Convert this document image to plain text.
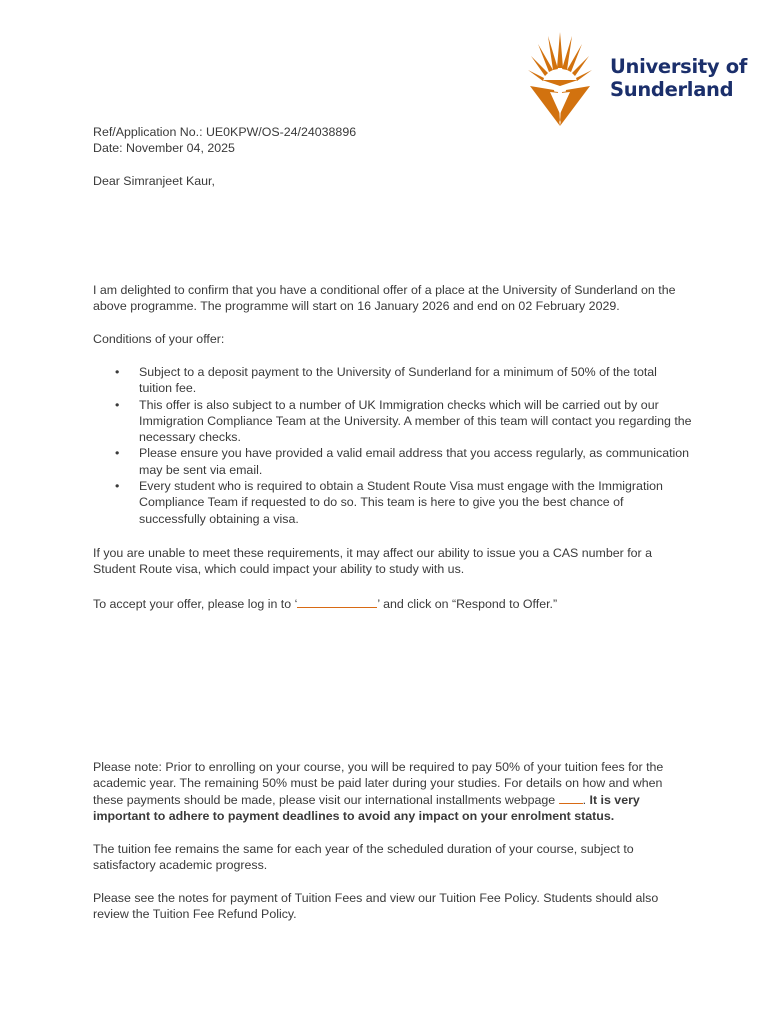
University of
Sunderland
Ref/Application No.: UE0KPW/OS-24/24038896
Date: November 04, 2025

Dear Simranjeet Kaur,

I am delighted to confirm that you have a conditional offer of a place at the University of Sunderland on the above programme. The programme will start on 16 January 2026 and end on 02 February 2029.

Conditions of your offer:

• Subject to a deposit payment to the University of Sunderland for a minimum of 50% of the total tuition fee.
• This offer is also subject to a number of UK Immigration checks which will be carried out by our Immigration Compliance Team at the University. A member of this team will contact you regarding the necessary checks.
• Please ensure you have provided a valid email address that you access regularly, as communication may be sent via email.
• Every student who is required to obtain a Student Route Visa must engage with the Immigration Compliance Team if requested to do so. This team is here to give you the best chance of successfully obtaining a visa.

If you are unable to meet these requirements, it may affect our ability to issue you a CAS number for a Student Route visa, which could impact your ability to study with us.

To accept your offer, please log in to ‘	’ and click on “Respond to Offer.”

Please note: Prior to enrolling on your course, you will be required to pay 50% of your tuition fees for the academic year. The remaining 50% must be paid later during your studies. For details on how and when these payments should be made, please visit our international installments webpage . It is very important to adhere to payment deadlines to avoid any impact on your enrolment status.

The tuition fee remains the same for each year of the scheduled duration of your course, subject to satisfactory academic progress.

Please see the notes for payment of Tuition Fees and view our Tuition Fee Policy. Students should also review the Tuition Fee Refund Policy.
